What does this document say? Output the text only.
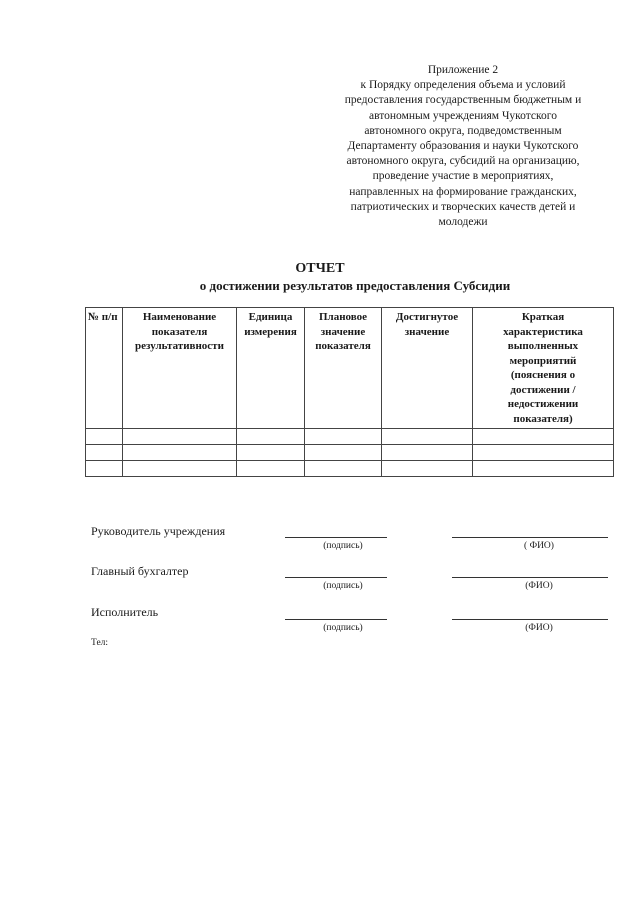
Приложение 2
к Порядку определения объема и условий
предоставления государственным бюджетным и
автономным учреждениям Чукотского
автономного округа, подведомственным
Департаменту образования и науки Чукотского
автономного округа, субсидий на организацию,
проведение участие в мероприятиях,
направленных на формирование гражданских,
патриотических и творческих качеств детей и
молодежи
ОТЧЕТ
о достижении результатов предоставления Субсидии
№ п/п	Наименование показателя результативности	Единица измерения	Плановое значение показателя	Достигнутое значение	Краткая характеристика выполненных мероприятий (пояснения о достижении /недостижении показателя)

Руководитель учреждения
(подпись)	( ФИО)
Главный бухгалтер
(подпись)	(ФИО)
Исполнитель
(подпись)	(ФИО)
Тел:
